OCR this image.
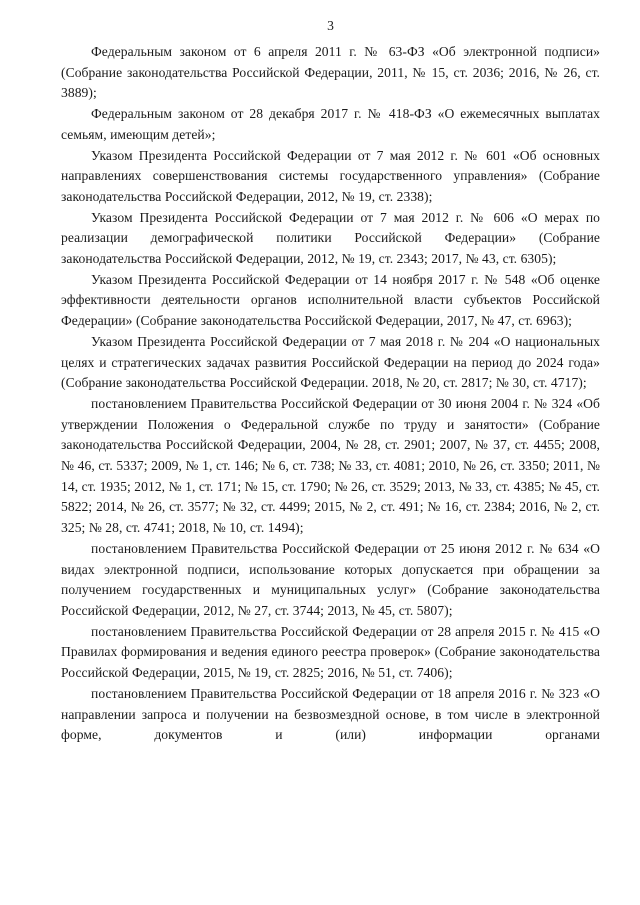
3

Федеральным законом от 6 апреля 2011 г. № 63-ФЗ «Об электронной подписи» (Собрание законодательства Российской Федерации, 2011, № 15, ст. 2036; 2016, № 26, ст. 3889);

Федеральным законом от 28 декабря 2017 г. № 418-ФЗ «О ежемесячных выплатах семьям, имеющим детей»;

Указом Президента Российской Федерации от 7 мая 2012 г. № 601 «Об основных направлениях совершенствования системы государственного управления» (Собрание законодательства Российской Федерации, 2012, № 19, ст. 2338);

Указом Президента Российской Федерации от 7 мая 2012 г. № 606 «О мерах по реализации демографической политики Российской Федерации» (Собрание законодательства Российской Федерации, 2012, № 19, ст. 2343; 2017, № 43, ст. 6305);

Указом Президента Российской Федерации от 14 ноября 2017 г. № 548 «Об оценке эффективности деятельности органов исполнительной власти субъектов Российской Федерации» (Собрание законодательства Российской Федерации, 2017, № 47, ст. 6963);

Указом Президента Российской Федерации от 7 мая 2018 г. № 204 «О национальных целях и стратегических задачах развития Российской Федерации на период до 2024 года» (Собрание законодательства Российской Федерации. 2018, № 20, ст. 2817; № 30, ст. 4717);

постановлением Правительства Российской Федерации от 30 июня 2004 г. № 324 «Об утверждении Положения о Федеральной службе по труду и занятости» (Собрание законодательства Российской Федерации, 2004, № 28, ст. 2901; 2007, № 37, ст. 4455; 2008, № 46, ст. 5337; 2009, № 1, ст. 146; № 6, ст. 738; № 33, ст. 4081; 2010, № 26, ст. 3350; 2011, № 14, ст. 1935; 2012, № 1, ст. 171; № 15, ст. 1790; № 26, ст. 3529; 2013, № 33, ст. 4385; № 45, ст. 5822; 2014, № 26, ст. 3577; № 32, ст. 4499; 2015, № 2, ст. 491; № 16, ст. 2384; 2016, № 2, ст. 325; № 28, ст. 4741; 2018, № 10, ст. 1494);

постановлением Правительства Российской Федерации от 25 июня 2012 г. № 634 «О видах электронной подписи, использование которых допускается при обращении за получением государственных и муниципальных услуг» (Собрание законодательства Российской Федерации, 2012, № 27, ст. 3744; 2013, № 45, ст. 5807);

постановлением Правительства Российской Федерации от 28 апреля 2015 г. № 415 «О Правилах формирования и ведения единого реестра проверок» (Собрание законодательства Российской Федерации, 2015, № 19, ст. 2825; 2016, № 51, ст. 7406);

постановлением Правительства Российской Федерации от 18 апреля 2016 г. № 323 «О направлении запроса и получении на безвозмездной основе, в том числе в электронной форме, документов и (или) информации органами
